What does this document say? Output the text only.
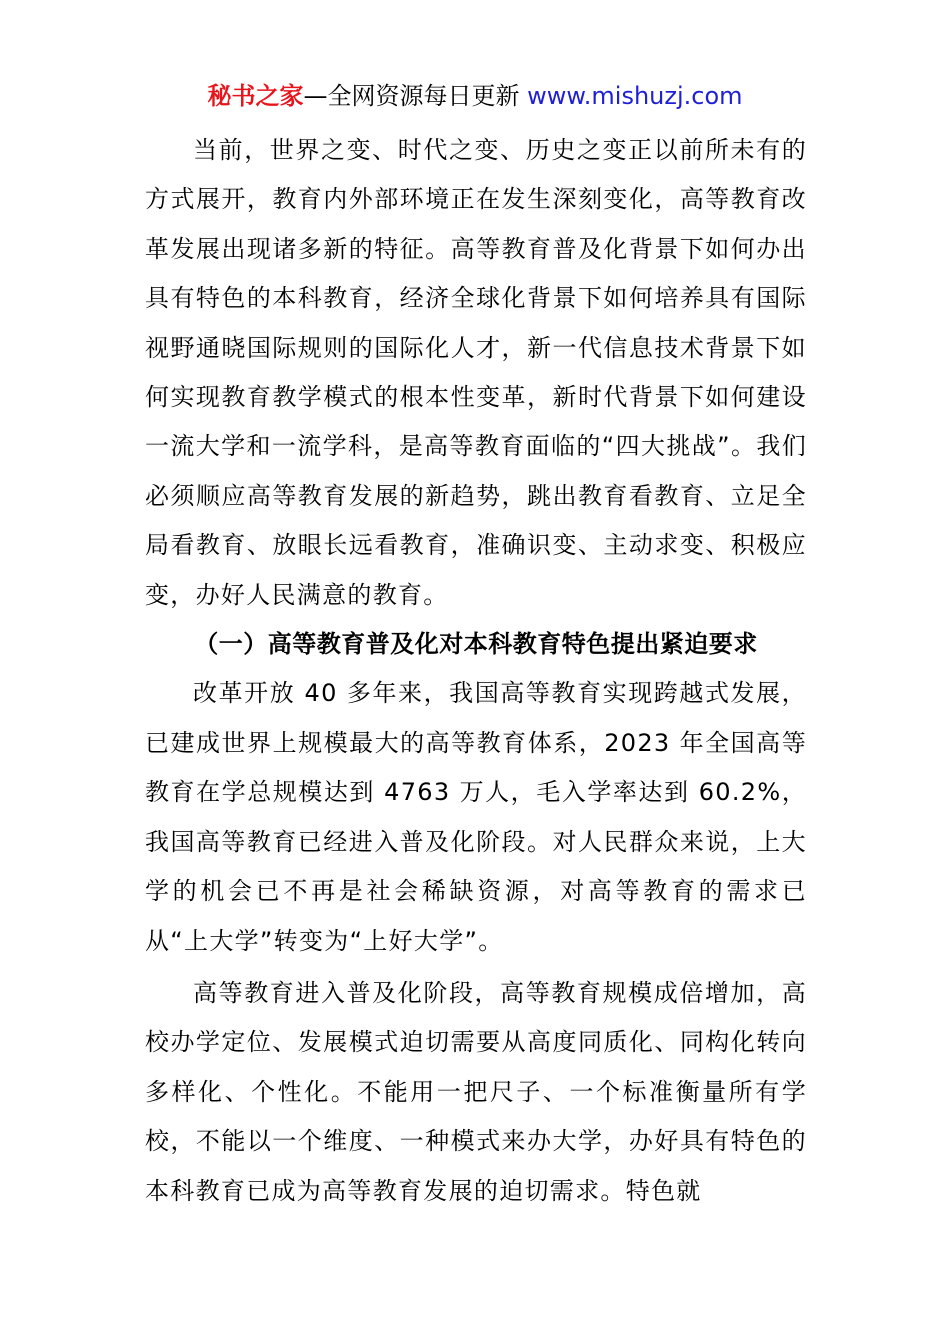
秘书之家—全网资源每日更新 www.mishuzj.com

当前，世界之变、时代之变、历史之变正以前所未有的方式展开，教育内外部环境正在发生深刻变化，高等教育改革发展出现诸多新的特征。高等教育普及化背景下如何办出具有特色的本科教育，经济全球化背景下如何培养具有国际视野通晓国际规则的国际化人才，新一代信息技术背景下如何实现教育教学模式的根本性变革，新时代背景下如何建设一流大学和一流学科，是高等教育面临的“四大挑战”。我们必须顺应高等教育发展的新趋势，跳出教育看教育、立足全局看教育、放眼长远看教育，准确识变、主动求变、积极应变，办好人民满意的教育。

（一）高等教育普及化对本科教育特色提出紧迫要求

改革开放 40 多年来，我国高等教育实现跨越式发展，已建成世界上规模最大的高等教育体系，2023 年全国高等教育在学总规模达到 4763 万人，毛入学率达到 60.2%，我国高等教育已经进入普及化阶段。对人民群众来说，上大学的机会已不再是社会稀缺资源，对高等教育的需求已从“上大学”转变为“上好大学”。

高等教育进入普及化阶段，高等教育规模成倍增加，高校办学定位、发展模式迫切需要从高度同质化、同构化转向多样化、个性化。不能用一把尺子、一个标准衡量所有学校，不能以一个维度、一种模式来办大学，办好具有特色的本科教育已成为高等教育发展的迫切需求。特色就
